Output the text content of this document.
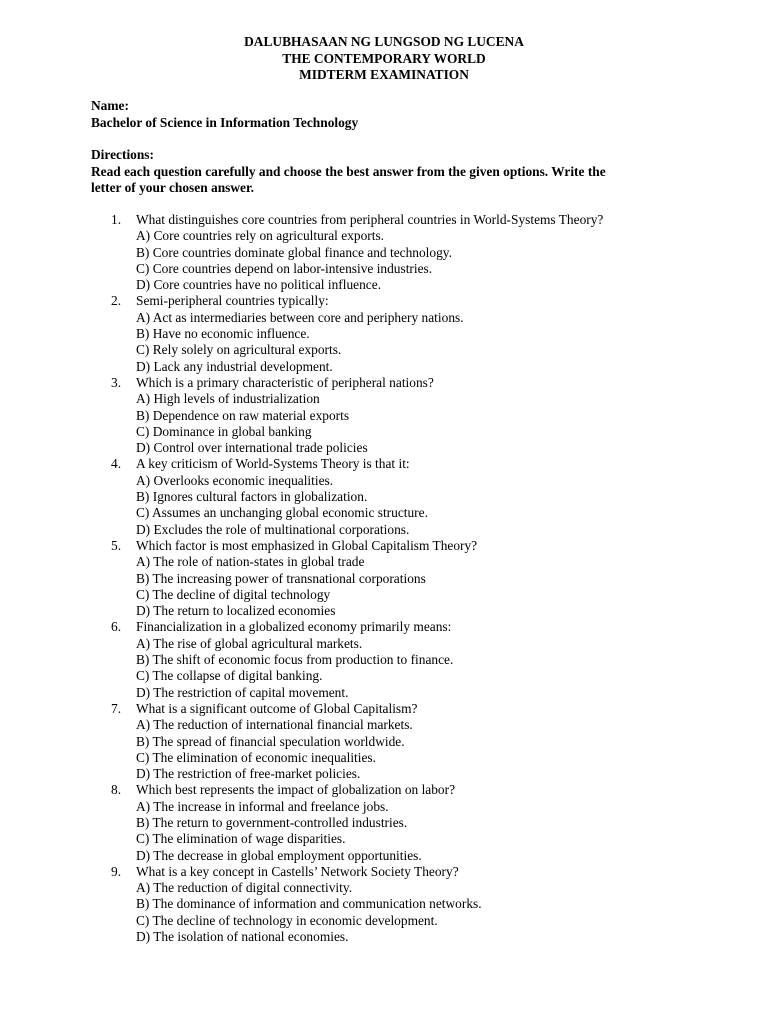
DALUBHASAAN NG LUNGSOD NG LUCENA
THE CONTEMPORARY WORLD
MIDTERM EXAMINATION
Name:
Bachelor of Science in Information Technology
Directions:
Read each question carefully and choose the best answer from the given options. Write the
letter of your chosen answer.
1.	What distinguishes core countries from peripheral countries in World-Systems Theory?
A) Core countries rely on agricultural exports.
B) Core countries dominate global finance and technology.
C) Core countries depend on labor-intensive industries.
D) Core countries have no political influence.
2.	Semi-peripheral countries typically:
A) Act as intermediaries between core and periphery nations.
B) Have no economic influence.
C) Rely solely on agricultural exports.
D) Lack any industrial development.
3.	Which is a primary characteristic of peripheral nations?
A) High levels of industrialization
B) Dependence on raw material exports
C) Dominance in global banking
D) Control over international trade policies
4.	A key criticism of World-Systems Theory is that it:
A) Overlooks economic inequalities.
B) Ignores cultural factors in globalization.
C) Assumes an unchanging global economic structure.
D) Excludes the role of multinational corporations.
5.	Which factor is most emphasized in Global Capitalism Theory?
A) The role of nation-states in global trade
B) The increasing power of transnational corporations
C) The decline of digital technology
D) The return to localized economies
6.	Financialization in a globalized economy primarily means:
A) The rise of global agricultural markets.
B) The shift of economic focus from production to finance.
C) The collapse of digital banking.
D) The restriction of capital movement.
7.	What is a significant outcome of Global Capitalism?
A) The reduction of international financial markets.
B) The spread of financial speculation worldwide.
C) The elimination of economic inequalities.
D) The restriction of free-market policies.
8.	Which best represents the impact of globalization on labor?
A) The increase in informal and freelance jobs.
B) The return to government-controlled industries.
C) The elimination of wage disparities.
D) The decrease in global employment opportunities.
9.	What is a key concept in Castells’ Network Society Theory?
A) The reduction of digital connectivity.
B) The dominance of information and communication networks.
C) The decline of technology in economic development.
D) The isolation of national economies.
